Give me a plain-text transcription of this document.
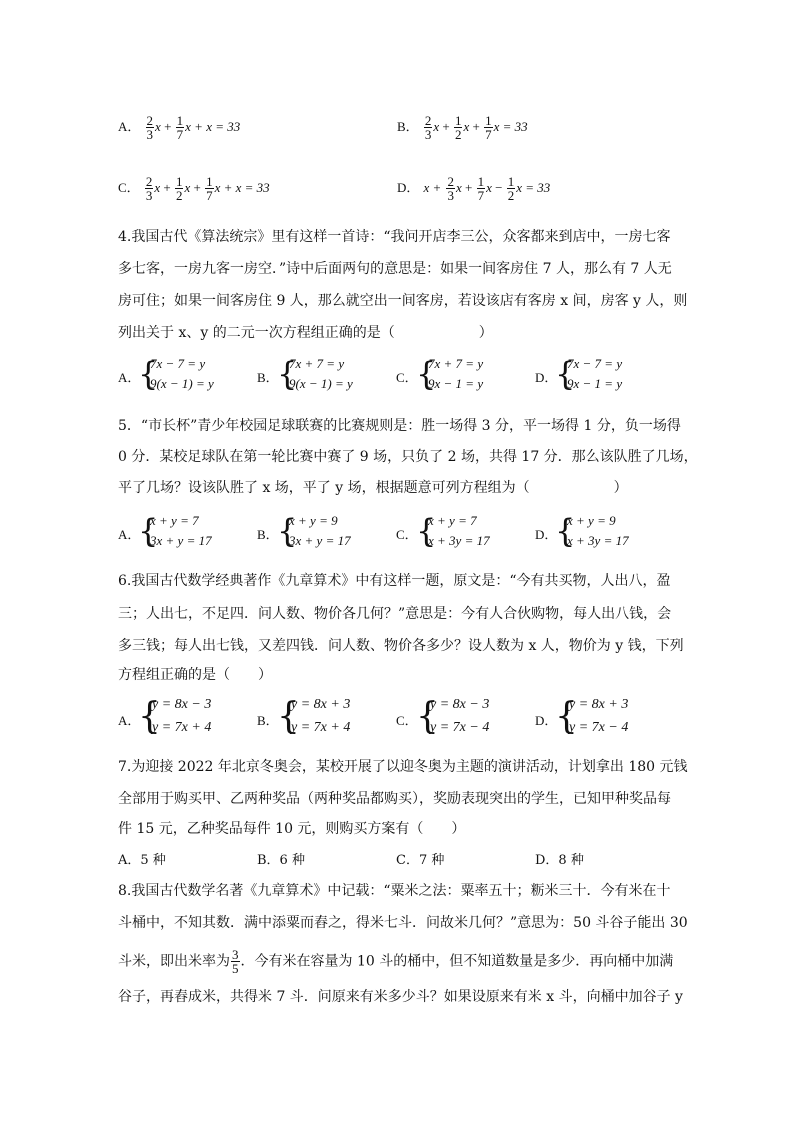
A． $\frac{2}{3}$ $x + \frac{1}{7}$ x + x = 33	B． $\frac{2}{3}$ $x + \frac{1}{2}$ $x + \frac{1}{7}$ x = 33
C． $\frac{2}{3}$ $x + \frac{1}{2}$ $x + \frac{1}{7}$ x + x = 33	D． $x + \frac{2}{3}$ $x + \frac{1}{7}$ $x - \frac{1}{2}$ x = 33
4.我国古代《算法统宗》里有这样一首诗：“我问开店李三公，众客都来到店中，一房七客
多七客，一房九客一房空．”诗中后面两句的意思是：如果一间客房住 7 人，那么有 7 人无
房可住；如果一间客房住 9 人，那么就空出一间客房，若设该店有客房 x 间，房客 y 人，则
列出关于 x、y 的二元一次方程组正确的是（　　　　　　）
A．
{
7x − 7 = y
9(x − 1) = y	B．
{
7x + 7 = y
9(x − 1) = y	C．
{
7x + 7 = y
9x − 1 = y	D．
{
7x − 7 = y
9x − 1 = y
5．“市长杯”青少年校园足球联赛的比赛规则是：胜一场得 3 分，平一场得 1 分，负一场得
0 分．某校足球队在第一轮比赛中赛了 9 场，只负了 2 场，共得 17 分．那么该队胜了几场，
平了几场？设该队胜了 x 场，平了 y 场，根据题意可列方程组为（　　　　　　）
A．
{
x + y = 7
3x + y = 17	B．
{
x + y = 9
3x + y = 17	C．
{
x + y = 7
x + 3y = 17	D．
{
x + y = 9
x + 3y = 17
6.我国古代数学经典著作《九章算术》中有这样一题，原文是：“今有共买物，人出八，盈
三；人出七，不足四．问人数、物价各几何？”意思是：今有人合伙购物，每人出八钱，会
多三钱；每人出七钱，又差四钱．问人数、物价各多少？设人数为 x 人，物价为 y 钱，下列
方程组正确的是（　　）
A．
{
y = 8x − 3
y = 7x + 4	B．
{
y = 8x + 3
y = 7x + 4	C．
{
y = 8x − 3
y = 7x − 4	D．
{
y = 8x + 3
y = 7x − 4
7.为迎接 2022 年北京冬奥会，某校开展了以迎冬奥为主题的演讲活动，计划拿出 180 元钱
全部用于购买甲、乙两种奖品（两种奖品都购买），奖励表现突出的学生，已知甲种奖品每
件 15 元，乙种奖品每件 10 元，则购买方案有（　　）
A．5 种	B．6 种	C．7 种	D．8 种
8.我国古代数学名著《九章算术》中记载：“粟米之法：粟率五十；粝米三十．今有米在十
斗桶中，不知其数．满中添粟而舂之，得米七斗．问故米几何？”意思为：50 斗谷子能出 30
斗米，即出米率为 $\frac{3}{5}$ ．今有米在容量为 10 斗的桶中，但不知道数量是多少．再向桶中加满
谷子，再舂成米，共得米 7 斗．问原来有米多少斗？如果设原来有米 x 斗，向桶中加谷子 y
